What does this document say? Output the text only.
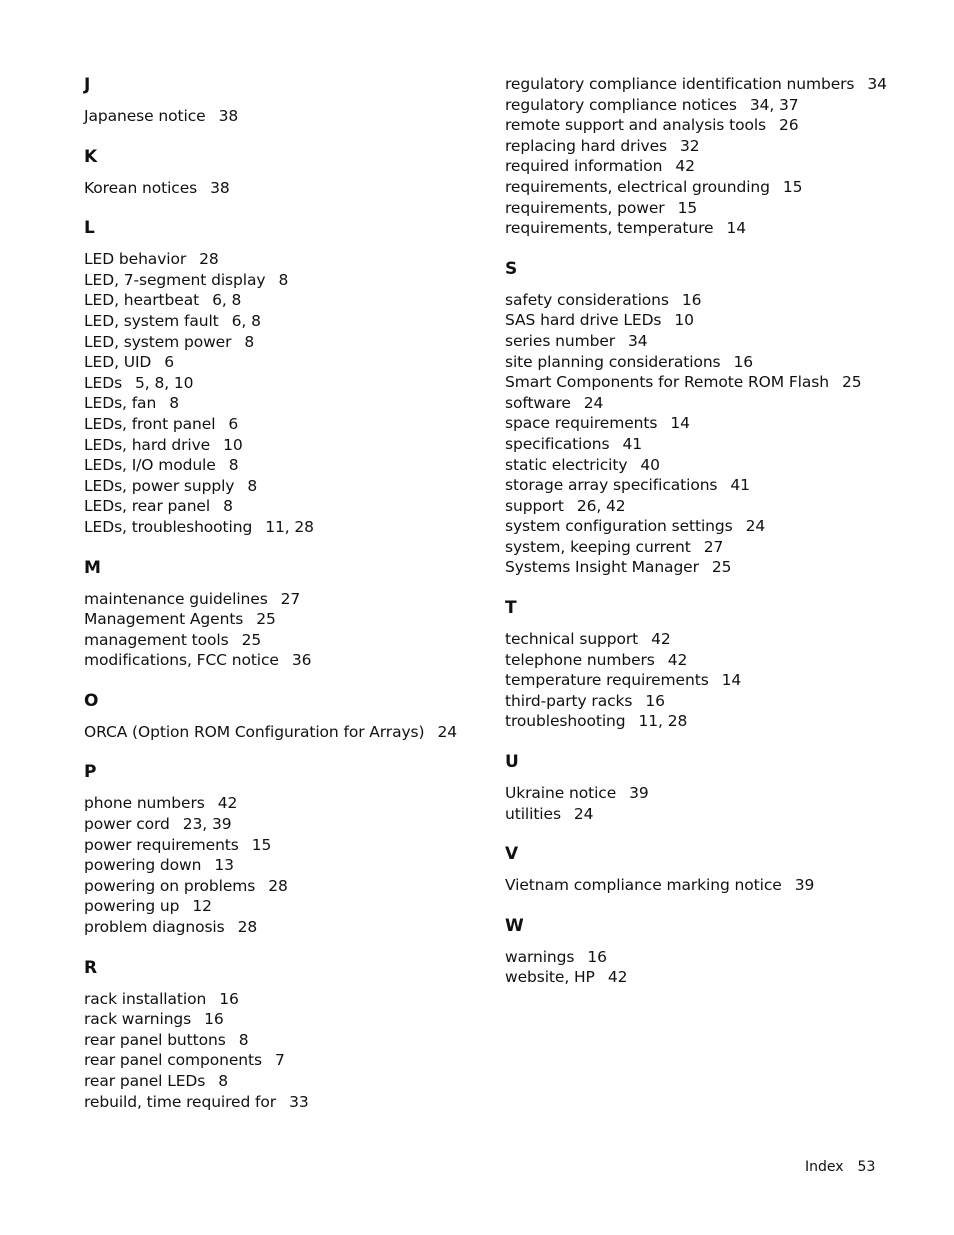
J
Japanese notice 38
K
Korean notices 38
L
LED behavior 28
LED, 7-segment display 8
LED, heartbeat 6, 8
LED, system fault 6, 8
LED, system power 8
LED, UID 6
LEDs 5, 8, 10
LEDs, fan 8
LEDs, front panel 6
LEDs, hard drive 10
LEDs, I/O module 8
LEDs, power supply 8
LEDs, rear panel 8
LEDs, troubleshooting 11, 28
M
maintenance guidelines 27
Management Agents 25
management tools 25
modifications, FCC notice 36
O
ORCA (Option ROM Configuration for Arrays) 24
P
phone numbers 42
power cord 23, 39
power requirements 15
powering down 13
powering on problems 28
powering up 12
problem diagnosis 28
R
rack installation 16
rack warnings 16
rear panel buttons 8
rear panel components 7
rear panel LEDs 8
rebuild, time required for 33
regulatory compliance identification numbers 34
regulatory compliance notices 34, 37
remote support and analysis tools 26
replacing hard drives 32
required information 42
requirements, electrical grounding 15
requirements, power 15
requirements, temperature 14
S
safety considerations 16
SAS hard drive LEDs 10
series number 34
site planning considerations 16
Smart Components for Remote ROM Flash 25
software 24
space requirements 14
specifications 41
static electricity 40
storage array specifications 41
support 26, 42
system configuration settings 24
system, keeping current 27
Systems Insight Manager 25
T
technical support 42
telephone numbers 42
temperature requirements 14
third-party racks 16
troubleshooting 11, 28
U
Ukraine notice 39
utilities 24
V
Vietnam compliance marking notice 39
W
warnings 16
website, HP 42
Index 53
